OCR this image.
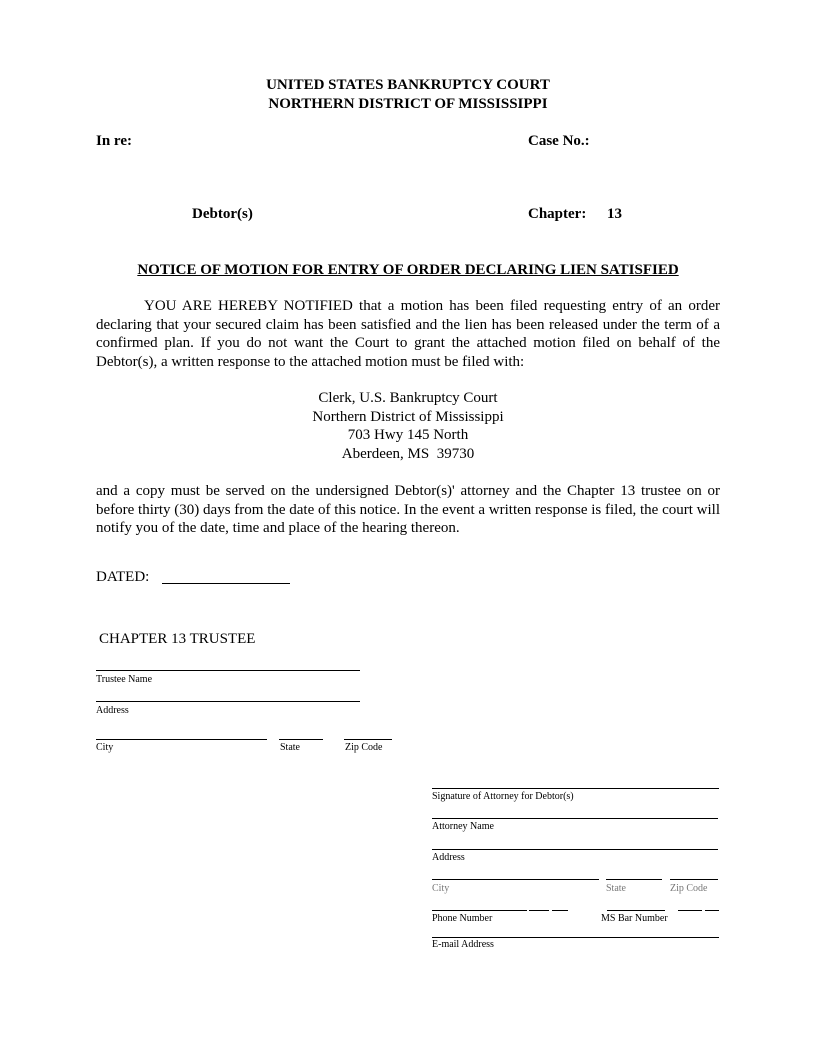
UNITED STATES BANKRUPTCY COURT
NORTHERN DISTRICT OF MISSISSIPPI
In re:	Case No.:
Debtor(s)	Chapter: 13
NOTICE OF MOTION FOR ENTRY OF ORDER DECLARING LIEN SATISFIED
YOU ARE HEREBY NOTIFIED that a motion has been filed requesting entry of an order declaring that your secured claim has been satisfied and the lien has been released under the term of a confirmed plan. If you do not want the Court to grant the attached motion filed on behalf of the Debtor(s), a written response to the attached motion must be filed with:
Clerk, U.S. Bankruptcy Court
Northern District of Mississippi
703 Hwy 145 North
Aberdeen, MS  39730
and a copy must be served on the undersigned Debtor(s)' attorney and the Chapter 13 trustee on or before thirty (30) days from the date of this notice. In the event a written response is filed, the court will notify you of the date, time and place of the hearing thereon.
DATED:
CHAPTER 13 TRUSTEE
Trustee Name
Address
City	State	Zip Code
Signature of Attorney for Debtor(s)
Attorney Name
Address
City	State	Zip Code
Phone Number	MS Bar Number
E-mail Address
